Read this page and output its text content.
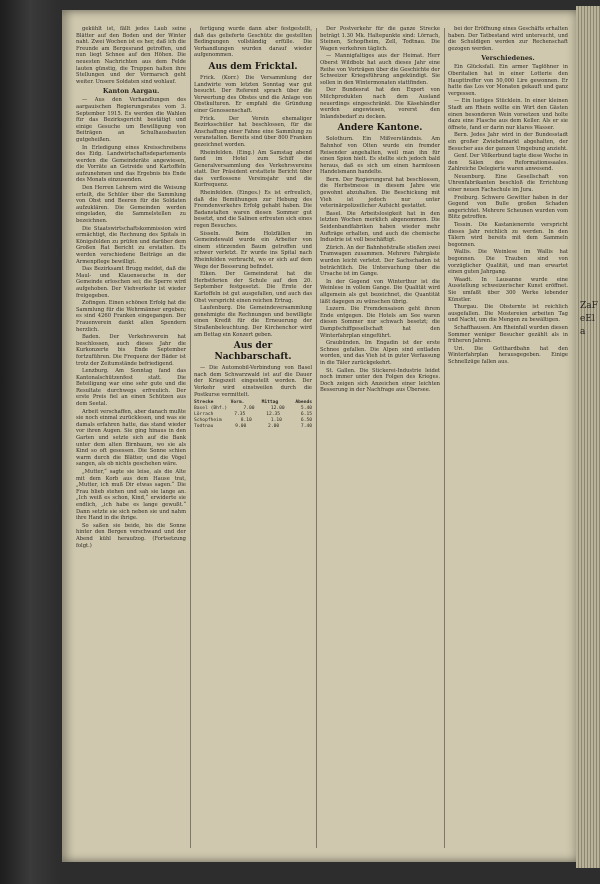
gekühlt ist, fällt jedes Laub seine Blätter auf den Boden und der Winter naht. Zwei Wochen ist es her, daß ich die Freunde am Bergesrand getroffen, und nun liegt Schnee auf den Höhen. Die neuesten Nachrichten aus dem Felde lauten günstig, die Truppen halten ihre Stellungen und der Vormarsch geht weiter. Unsere Soldaten sind wohlauf.

Kanton Aargau.

— Aus den Verhandlungen des aargauischen Regierungsrates vom 3. September 1915. Es werden die Wahlen für das Bezirksgericht bestätigt und einige Gesuche um Bewilligung von Beiträgen an Schulhausbauten gutgeheißen.

In Erledigung eines Kreisschreibens des Eidg. Landwirtschaftsdepartements werden die Gemeinderäte angewiesen, die Vorräte an Getreide und Kartoffeln aufzunehmen und das Ergebnis bis Ende des Monats einzusenden.

Den Herren Lehrern wird die Weisung erteilt, die Schüler über die Sammlung von Obst und Beeren für die Soldaten aufzuklären. Die Gemeinden werden eingeladen, die Sammelstellen zu bezeichnen.

Die Staatswirtschaftskommission wird ermächtigt, die Rechnung des Spitals in Königsfelden zu prüfen und darüber dem Großen Rat Bericht zu erstatten. Es werden verschiedene Beiträge an die Armenpflege bewilligt.

Das Bezirksamt Brugg meldet, daß die Maul- und Klauenseuche in der Gemeinde erloschen sei; die Sperre wird aufgehoben. Der Viehverkehr ist wieder freigegeben.

Zofingen. Einen schönen Erfolg hat die Sammlung für die Wehrmänner ergeben; es sind 4260 Franken eingegangen. Der Frauenverein dankt allen Spendern herzlich.

Baden. Der Verkehrsverein hat beschlossen, auch dieses Jahr die Kurkonzerte bis Ende September fortzuführen. Die Frequenz der Bäder ist trotz der Zeitumstände befriedigend.

Lenzburg. Am Sonntag fand das Kantonalschützenfest statt. Die Beteiligung war eine sehr gute und die Resultate durchwegs erfreulich. Der erste Preis fiel an einen Schützen aus dem Seetal.

Arbeit verschaffen, aber danach mußte sie noch einmal zurücklesen, und was sie damals erfahren hatte, das stand wieder vor ihren Augen. Sie ging hinaus in den Garten und setzte sich auf die Bank unter dem alten Birnbaum, wo sie als Kind so oft gesessen. Die Sonne schien warm durch die Blätter, und die Vögel sangen, als ob nichts geschehen wäre.

„Mutter,“ sagte sie leise, als die Alte mit dem Korb aus dem Hause trat, „Mutter, ich muß Dir etwas sagen.“ Die Frau blieb stehen und sah sie lange an. „Ich weiß es schon, Kind,“ erwiderte sie endlich, „ich habe es lange gewußt.“ Dann setzte sie sich neben sie und nahm ihre Hand in die ihrige.

So saßen sie beide, bis die Sonne hinter den Bergen verschwand und der Abend kühl heraufzog. (Fortsetzung folgt.)

fertigung wurde dann aber festgestellt, daß das gelieferte Geschütz die gestellten Bedingungen vollständig erfülle. Die Verhandlungen wurden darauf wieder aufgenommen.

Aus dem Fricktal.

Frick. (Korr.) Die Versammlung der Landwirte vom letzten Sonntag war gut besucht. Der Referent sprach über die Verwertung des Obstes und die Anlage von Obstkulturen. Er empfahl die Gründung einer Genossenschaft.

Frick. Der Verein ehemaliger Bezirksschüler hat beschlossen, für die Anschaffung einer Fahne eine Sammlung zu veranstalten. Bereits sind über 800 Franken gezeichnet worden.

Rheinfelden. (Eing.) Am Samstag abend fand im Hotel zum Schiff die Generalversammlung des Verkehrsvereins statt. Der Präsident erstattete Bericht über das verflossene Vereinsjahr und die Kurfrequenz.

Rheinfelden. (Einges.) Es ist erfreulich, daß die Bemühungen zur Hebung des Fremdenverkehrs Erfolg gehabt haben. Die Badanstalten waren diesen Sommer gut besetzt, und die Salinen erfreuten sich eines regen Besuches.

Sisseln. Beim Holzfällen im Gemeindewald wurde ein Arbeiter von einem stürzenden Baum getroffen und schwer verletzt. Er wurde ins Spital nach Rheinfelden verbracht, wo er sich auf dem Wege der Besserung befindet.

Eiken. Der Gemeinderat hat die Herbstferien der Schule auf den 20. September festgesetzt. Die Ernte der Kartoffeln ist gut ausgefallen, und auch das Obst verspricht einen reichen Ertrag.

Laufenburg. Die Gemeindeversammlung genehmigte die Rechnungen und bewilligte einen Kredit für die Erneuerung der Straßenbeleuchtung. Der Kirchenchor wird am Bettag ein Konzert geben.

Aus der Nachbarschaft.

— Die Automobil-Verbindung von Basel nach dem Schwarzwald ist auf die Dauer der Kriegszeit eingestellt worden. Der Verkehr wird einstweilen durch die Postkurse vermittelt.

Strecke	Vorm.	Mittag	Abends
Basel (Bhf.)	7.00	12.00	5.40
Lörrach	7.35	12.35	6.15
Schopfheim	8.10	1.10	6.50
Todtnau	9.00	2.00	7.40

Der Postverkehr für die ganze Strecke beträgt 1.30 Mk. Haltepunkte sind: Lörrach, Steinen, Schopfheim, Zell, Todtnau. Die Wagen verkehren täglich.

— Mannigfaltiges aus der Heimat. Herr Oberst Wildbolz hat auch dieses Jahr eine Reihe von Vorträgen über die Geschichte der Schweizer Kriegsführung angekündigt. Sie sollen in den Wintermonaten stattfinden.

Der Bundesrat hat den Export von Milchprodukten nach dem Ausland neuerdings eingeschränkt. Die Käsehändler werden angewiesen, vorerst den Inlandsbedarf zu decken.

Andere Kantone.

Solothurn. Ein Mißverständnis. Am Bahnhof von Olten wurde ein fremder Reisender angehalten, weil man ihn für einen Spion hielt. Es stellte sich jedoch bald heraus, daß es sich um einen harmlosen Handelsmann handelte.

Bern. Der Regierungsrat hat beschlossen, die Herbstmesse in diesem Jahre wie gewohnt abzuhalten. Die Beschickung mit Vieh ist jedoch nur unter veterinärpolizeilicher Aufsicht gestattet.

Basel. Die Arbeitslosigkeit hat in den letzten Wochen merklich abgenommen. Die Seidenbandfabriken haben wieder mehr Aufträge erhalten, und auch die chemische Industrie ist voll beschäftigt.

Zürich. An der Bahnhofstraße stießen zwei Tramwagen zusammen. Mehrere Fahrgäste wurden leicht verletzt. Der Sachschaden ist beträchtlich. Die Untersuchung über die Ursache ist im Gange.

In der Gegend von Winterthur ist die Weinlese in vollem Gange. Die Qualität wird allgemein als gut bezeichnet, die Quantität läßt dagegen zu wünschen übrig.

Luzern. Die Fremdensaison geht ihrem Ende entgegen. Die Hotels am See waren diesen Sommer nur schwach besetzt; die Dampfschiffgesellschaft hat den Winterfahrplan eingeführt.

Graubünden. Im Engadin ist der erste Schnee gefallen. Die Alpen sind entladen worden, und das Vieh ist in guter Verfassung in die Täler zurückgekehrt.

St. Gallen. Die Stickerei-Industrie leidet noch immer unter den Folgen des Krieges. Doch zeigen sich Anzeichen einer leichten Besserung in der Nachfrage aus Übersee.

bei der Eröffnung eines Geschäfts erhalten haben. Der Tatbestand wird untersucht, und die Schuldigen werden zur Rechenschaft gezogen werden.

Verschiedenes.

Ein Glücksfall. Ein armer Taglöhner in Oberitalien hat in einer Lotterie den Haupttreffer von 50,000 Lire gewonnen. Er hatte das Los vor Monaten gekauft und ganz vergessen.

— Ein lustiges Stücklein. In einer kleinen Stadt am Rhein wollte ein Wirt den Gästen einen besonderen Wein vorsetzen und holte dazu eine Flasche aus dem Keller. Als er sie öffnete, fand er darin nur klares Wasser.

Bern. Jedes Jahr wird in der Bundesstadt ein großer Zwiebelmarkt abgehalten, der Besucher aus der ganzen Umgebung anzieht.

Genf. Der Völkerbund tagte diese Woche in den Sälen des Reformationssaales. Zahlreiche Delegierte waren anwesend.

Neuenburg. Eine Gesellschaft von Uhrenfabrikanten beschloß die Errichtung einer neuen Fachschule im Jura.

Freiburg. Schwere Gewitter haben in der Gegend von Bulle großen Schaden angerichtet. Mehrere Scheunen wurden vom Blitz getroffen.

Tessin. Die Kastanienernte verspricht dieses Jahr reichlich zu werden. In den Tälern wird bereits mit dem Sammeln begonnen.

Wallis. Die Weinlese im Wallis hat begonnen. Die Trauben sind von vorzüglicher Qualität, und man erwartet einen guten Jahrgang.

Waadt. In Lausanne wurde eine Ausstellung schweizerischer Kunst eröffnet. Sie umfaßt über 300 Werke lebender Künstler.

Thurgau. Die Obsternte ist reichlich ausgefallen. Die Mostereien arbeiten Tag und Nacht, um die Mengen zu bewältigen.

Schaffhausen. Am Rheinfall wurden diesen Sommer weniger Besucher gezählt als in früheren Jahren.

Uri. Die Gotthardbahn hat den Winterfahrplan herausgegeben. Einige Schnellzüge fallen aus.

ZaFeEla
